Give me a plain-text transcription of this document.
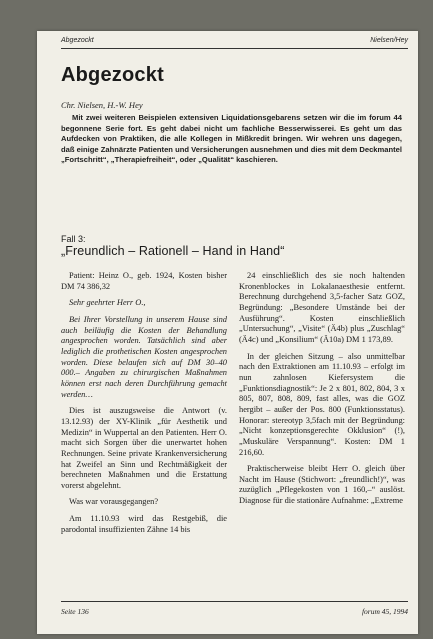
Abgezockt	Nielsen/Hey
Abgezockt
Chr. Nielsen, H.-W. Hey
Mit zwei weiteren Beispielen extensiven Liquidationsgebarens setzen wir die im forum 44 begonnene Serie fort. Es geht dabei nicht um fachliche Besserwisserei. Es geht um das Aufdecken von Praktiken, die alle Kollegen in Mißkredit bringen. Wir wehren uns dagegen, daß einige Zahnärzte Patienten und Versicherungen ausnehmen und dies mit dem Deckmantel „Fortschritt“, „Therapiefreiheit“, oder „Qualität“ kaschieren.
Fall 3:
„Freundlich – Rationell – Hand in Hand“

Patient: Heinz O., geb. 1924, Kosten bisher DM 74 386,32

Sehr geehrter Herr O.,

Bei Ihrer Vorstellung in unserem Hause sind auch beiläufig die Kosten der Behandlung angesprochen worden. Tatsächlich sind aber lediglich die prothetischen Kosten angesprochen worden. Diese belaufen sich auf DM 30–40 000.– Angaben zu chirurgischen Maßnahmen können erst nach deren Durchführung gemacht werden…

Dies ist auszugsweise die Antwort (v. 13.12.93) der XY-Klinik „für Aesthetik und Medizin“ in Wuppertal an den Patienten. Herr O. macht sich Sorgen über die unerwartet hohen Rechnungen. Seine private Krankenversicherung hat Zweifel an Sinn und Rechtmäßigkeit der berechneten Maßnahmen und die Erstattung vorerst abgelehnt.

Was war vorausgegangen?

Am 11.10.93 wird das Restgebiß, die parodontal insuffizienten Zähne 14 bis

24 einschließlich des sie noch haltenden Kronenblockes in Lokalanaesthesie entfernt. Berechnung durchgehend 3,5-facher Satz GOZ, Begründung: „Besondere Umstände bei der Ausführung“. Kosten einschließlich „Untersuchung“, „Visite“ (Ä4b) plus „Zuschlag“ (Ä4c) und „Konsilium“ (Ä10a) DM 1 173,89.

In der gleichen Sitzung – also unmittelbar nach den Extraktionen am 11.10.93 – erfolgt im nun zahnlosen Kiefersystem die „Funktionsdiagnostik“: Je 2 x 801, 802, 804, 3 x 805, 807, 808, 809, fast alles, was die GOZ hergibt – außer der Pos. 800 (Funktionsstatus). Honorar: stereotyp 3,5fach mit der Begründung: „Nicht konzeptionsgerechte Okklusion“ (!), „Muskuläre Verspannung“. Kosten: DM 1 216,60.

Praktischerweise bleibt Herr O. gleich über Nacht im Hause (Stichwort: „freundlich!)“, was zuzüglich „Pflegekosten von 1 160,–“ auslöst. Diagnose für die stationäre Aufnahme: „Extreme

Seite 136	forum 45, 1994
